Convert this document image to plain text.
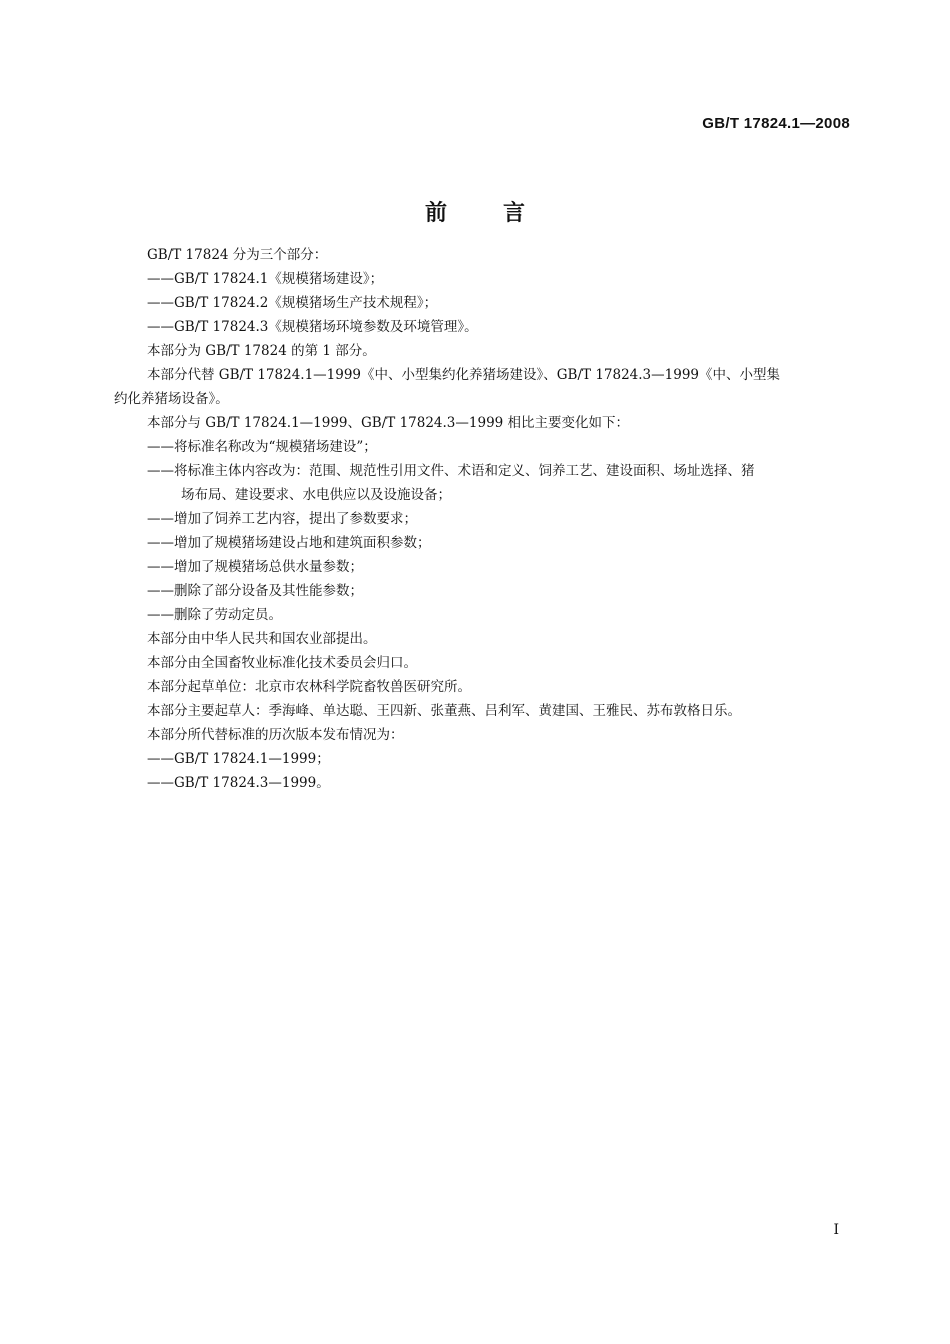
GB/T 17824.1—2008
前言
GB/T 17824 分为三个部分：
——GB/T 17824.1《规模猪场建设》；
——GB/T 17824.2《规模猪场生产技术规程》；
——GB/T 17824.3《规模猪场环境参数及环境管理》。
本部分为 GB/T 17824 的第 1 部分。
本部分代替 GB/T 17824.1—1999《中、小型集约化养猪场建设》、GB/T 17824.3—1999《中、小型集
约化养猪场设备》。
本部分与 GB/T 17824.1—1999、GB/T 17824.3—1999 相比主要变化如下：
——将标准名称改为“规模猪场建设”；
——将标准主体内容改为：范围、规范性引用文件、术语和定义、饲养工艺、建设面积、场址选择、猪
场布局、建设要求、水电供应以及设施设备；
——增加了饲养工艺内容，提出了参数要求；
——增加了规模猪场建设占地和建筑面积参数；
——增加了规模猪场总供水量参数；
——删除了部分设备及其性能参数；
——删除了劳动定员。
本部分由中华人民共和国农业部提出。
本部分由全国畜牧业标准化技术委员会归口。
本部分起草单位：北京市农林科学院畜牧兽医研究所。
本部分主要起草人：季海峰、单达聪、王四新、张董燕、吕利军、黄建国、王雅民、苏布敦格日乐。
本部分所代替标准的历次版本发布情况为：
——GB/T 17824.1—1999；
——GB/T 17824.3—1999。
I
